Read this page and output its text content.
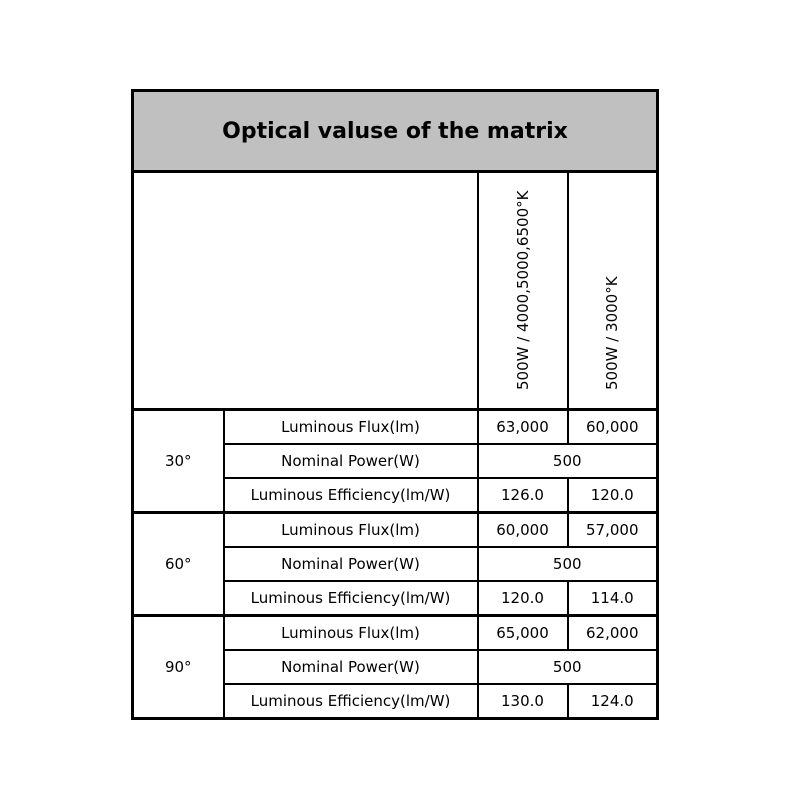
Optical valuse of the matrix			

		500W / 4000,5000,6500°K	500W / 3000°K

30°	Luminous Flux(lm)	63,000	60,000
	Nominal Power(W)	500	
	Luminous Efficiency(lm/W)	126.0	120.0
60°	Luminous Flux(lm)	60,000	57,000
	Nominal Power(W)	500	
	Luminous Efficiency(lm/W)	120.0	114.0
90°	Luminous Flux(lm)	65,000	62,000
	Nominal Power(W)	500	
	Luminous Efficiency(lm/W)	130.0	124.0
